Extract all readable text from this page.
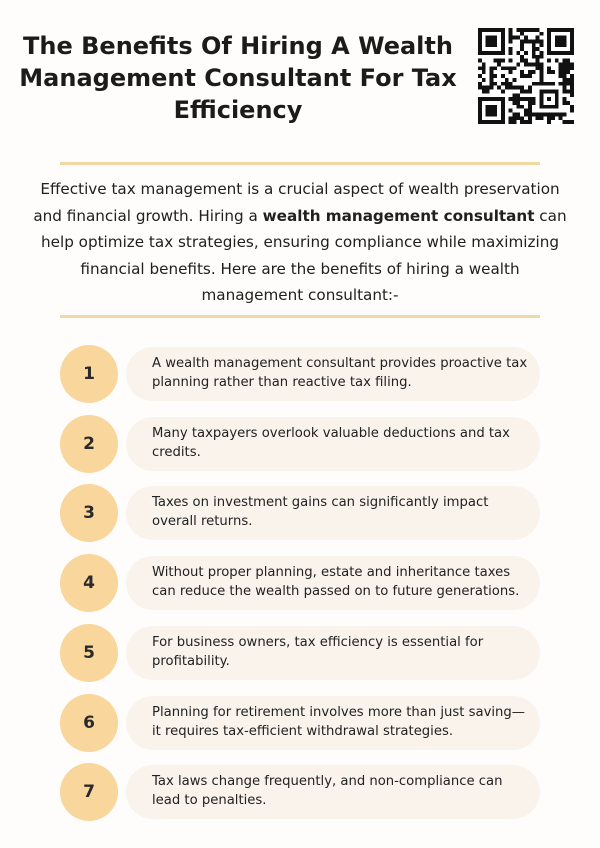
The Benefits Of Hiring A Wealth Management Consultant For Tax Efficiency

Effective tax management is a crucial aspect of wealth preservation and financial growth. Hiring a wealth management consultant can help optimize tax strategies, ensuring compliance while maximizing financial benefits. Here are the benefits of hiring a wealth management consultant:-

1
A wealth management consultant provides proactive tax planning rather than reactive tax filing.
2
Many taxpayers overlook valuable deductions and tax credits.
3
Taxes on investment gains can significantly impact overall returns.
4
Without proper planning, estate and inheritance taxes can reduce the wealth passed on to future generations.
5
For business owners, tax efficiency is essential for profitability.
6
Planning for retirement involves more than just saving—it requires tax-efficient withdrawal strategies.
7
Tax laws change frequently, and non-compliance can lead to penalties.
